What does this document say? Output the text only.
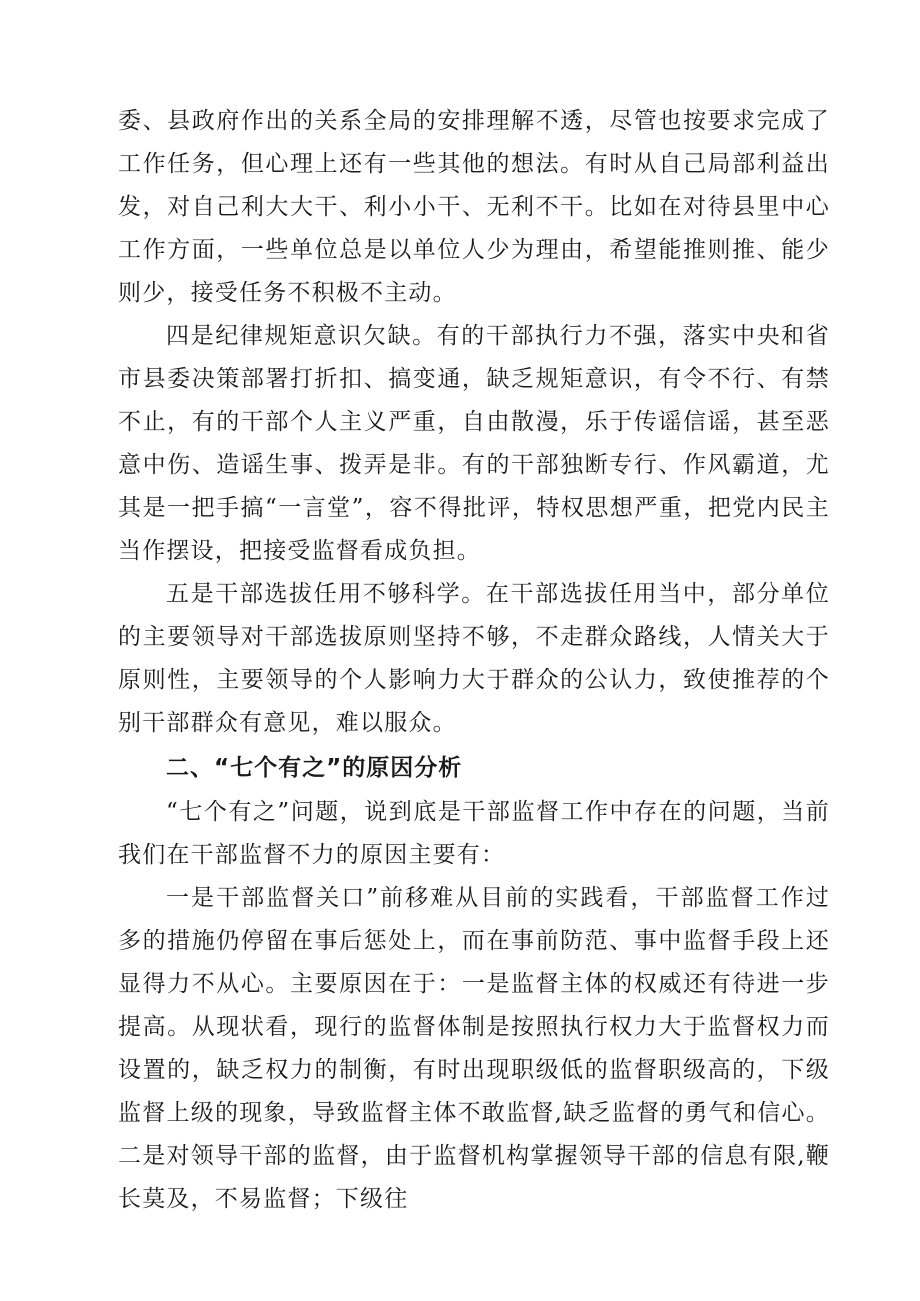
委、县政府作出的关系全局的安排理解不透，尽管也按要求完成了工作任务，但心理上还有一些其他的想法。有时从自己局部利益出发，对自己利大大干、利小小干、无利不干。比如在对待县里中心工作方面，一些单位总是以单位人少为理由，希望能推则推、能少则少，接受任务不积极不主动。

四是纪律规矩意识欠缺。有的干部执行力不强，落实中央和省市县委决策部署打折扣、搞变通，缺乏规矩意识，有令不行、有禁不止，有的干部个人主义严重，自由散漫，乐于传谣信谣，甚至恶意中伤、造谣生事、拨弄是非。有的干部独断专行、作风霸道，尤其是一把手搞“一言堂”，容不得批评，特权思想严重，把党内民主当作摆设，把接受监督看成负担。

五是干部选拔任用不够科学。在干部选拔任用当中，部分单位的主要领导对干部选拔原则坚持不够，不走群众路线，人情关大于原则性，主要领导的个人影响力大于群众的公认力，致使推荐的个别干部群众有意见，难以服众。

二、“七个有之”的原因分析

“七个有之”问题，说到底是干部监督工作中存在的问题，当前我们在干部监督不力的原因主要有：

一是干部监督关口”前移难从目前的实践看，干部监督工作过多的措施仍停留在事后惩处上，而在事前防范、事中监督手段上还显得力不从心。主要原因在于：一是监督主体的权威还有待进一步提高。从现状看，现行的监督体制是按照执行权力大于监督权力而设置的，缺乏权力的制衡，有时出现职级低的监督职级高的，下级监督上级的现象，导致监督主体不敢监督,缺乏监督的勇气和信心。二是对领导干部的监督，由于监督机构掌握领导干部的信息有限,鞭长莫及，不易监督；下级往
